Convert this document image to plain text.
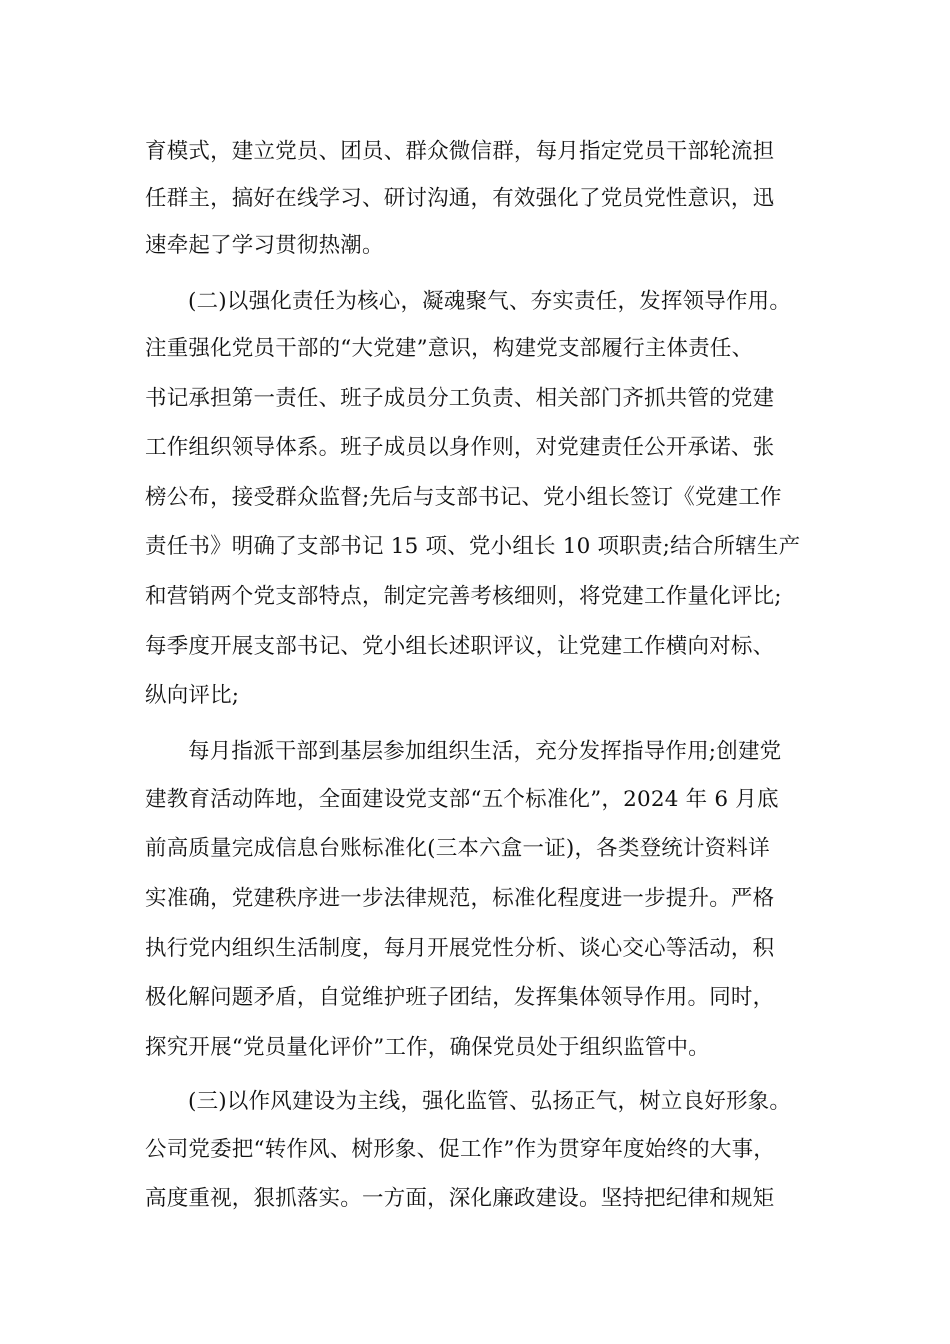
育模式，建立党员、团员、群众微信群，每月指定党员干部轮流担
任群主，搞好在线学习、研讨沟通，有效强化了党员党性意识，迅
速牵起了学习贯彻热潮。
(二)以强化责任为核心，凝魂聚气、夯实责任，发挥领导作用。
注重强化党员干部的“大党建”意识，构建党支部履行主体责任、
书记承担第一责任、班子成员分工负责、相关部门齐抓共管的党建
工作组织领导体系。班子成员以身作则，对党建责任公开承诺、张
榜公布，接受群众监督;先后与支部书记、党小组长签订《党建工作
责任书》明确了支部书记 15 项、党小组长 10 项职责;结合所辖生产
和营销两个党支部特点，制定完善考核细则，将党建工作量化评比;
每季度开展支部书记、党小组长述职评议，让党建工作横向对标、
纵向评比;
每月指派干部到基层参加组织生活，充分发挥指导作用;创建党
建教育活动阵地，全面建设党支部“五个标准化”，2024 年 6 月底
前高质量完成信息台账标准化(三本六盒一证)，各类登统计资料详
实准确，党建秩序进一步法律规范，标准化程度进一步提升。严格
执行党内组织生活制度，每月开展党性分析、谈心交心等活动，积
极化解问题矛盾，自觉维护班子团结，发挥集体领导作用。同时，
探究开展“党员量化评价”工作，确保党员处于组织监管中。
(三)以作风建设为主线，强化监管、弘扬正气，树立良好形象。
公司党委把“转作风、树形象、促工作”作为贯穿年度始终的大事，
高度重视，狠抓落实。一方面，深化廉政建设。坚持把纪律和规矩
